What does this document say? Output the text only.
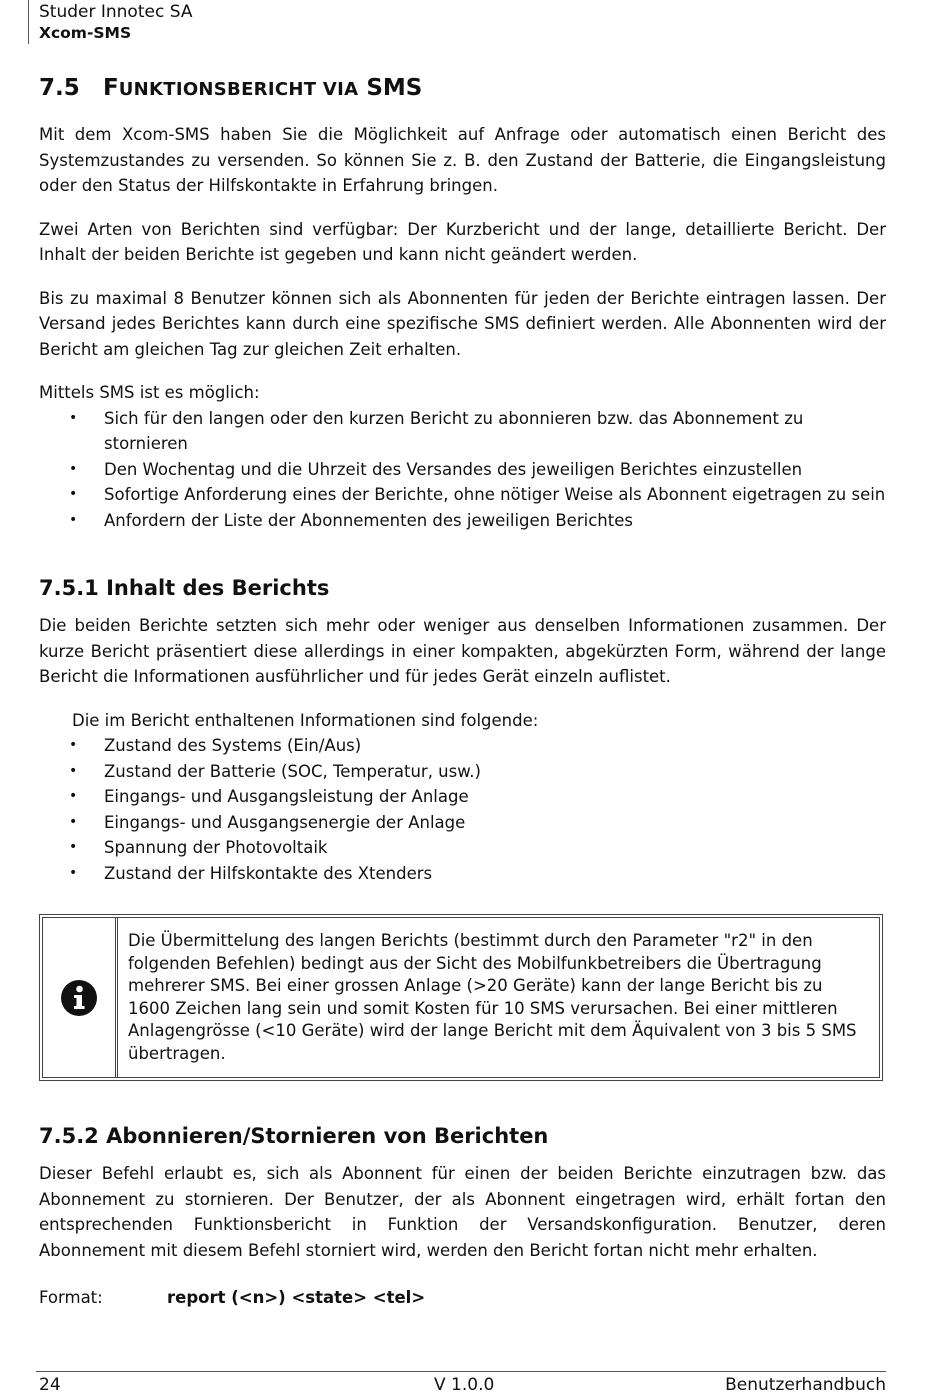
Studer Innotec SA
Xcom-SMS
7.5 FUNKTIONSBERICHT VIA SMS

Mit dem Xcom-SMS haben Sie die Möglichkeit auf Anfrage oder automatisch einen Bericht des Systemzustandes zu versenden. So können Sie z. B. den Zustand der Batterie, die Eingangsleistung oder den Status der Hilfskontakte in Erfahrung bringen.

Zwei Arten von Berichten sind verfügbar: Der Kurzbericht und der lange, detaillierte Bericht. Der Inhalt der beiden Berichte ist gegeben und kann nicht geändert werden.

Bis zu maximal 8 Benutzer können sich als Abonnenten für jeden der Berichte eintragen lassen. Der Versand jedes Berichtes kann durch eine spezifische SMS definiert werden. Alle Abonnenten wird der Bericht am gleichen Tag zur gleichen Zeit erhalten.

Mittels SMS ist es möglich:

• Sich für den langen oder den kurzen Bericht zu abonnieren bzw. das Abonnement zu stornieren
• Den Wochentag und die Uhrzeit des Versandes des jeweiligen Berichtes einzustellen
• Sofortige Anforderung eines der Berichte, ohne nötiger Weise als Abonnent eigetragen zu sein
• Anfordern der Liste der Abonnementen des jeweiligen Berichtes
7.5.1 Inhalt des Berichts

Die beiden Berichte setzten sich mehr oder weniger aus denselben Informationen zusammen. Der kurze Bericht präsentiert diese allerdings in einer kompakten, abgekürzten Form, während der lange Bericht die Informationen ausführlicher und für jedes Gerät einzeln auflistet.

Die im Bericht enthaltenen Informationen sind folgende:

• Zustand des Systems (Ein/Aus)
• Zustand der Batterie (SOC, Temperatur, usw.)
• Eingangs- und Ausgangsleistung der Anlage
• Eingangs- und Ausgangsenergie der Anlage
• Spannung der Photovoltaik
• Zustand der Hilfskontakte des Xtenders
Die Übermittelung des langen Berichts (bestimmt durch den Parameter "r2" in den folgenden Befehlen) bedingt aus der Sicht des Mobilfunkbetreibers die Übertragung mehrerer SMS. Bei einer grossen Anlage (>20 Geräte) kann der lange Bericht bis zu 1600 Zeichen lang sein und somit Kosten für 10 SMS verursachen. Bei einer mittleren Anlagengrösse (<10 Geräte) wird der lange Bericht mit dem Äquivalent von 3 bis 5 SMS übertragen.
7.5.2 Abonnieren/Stornieren von Berichten

Dieser Befehl erlaubt es, sich als Abonnent für einen der beiden Berichte einzutragen bzw. das Abonnement zu stornieren. Der Benutzer, der als Abonnent eingetragen wird, erhält fortan den entsprechenden Funktionsbericht in Funktion der Versandskonfiguration. Benutzer, deren Abonnement mit diesem Befehl storniert wird, werden den Bericht fortan nicht mehr erhalten.

Format:	report (<n>) <state> <tel>
24	V 1.0.0	Benutzerhandbuch
